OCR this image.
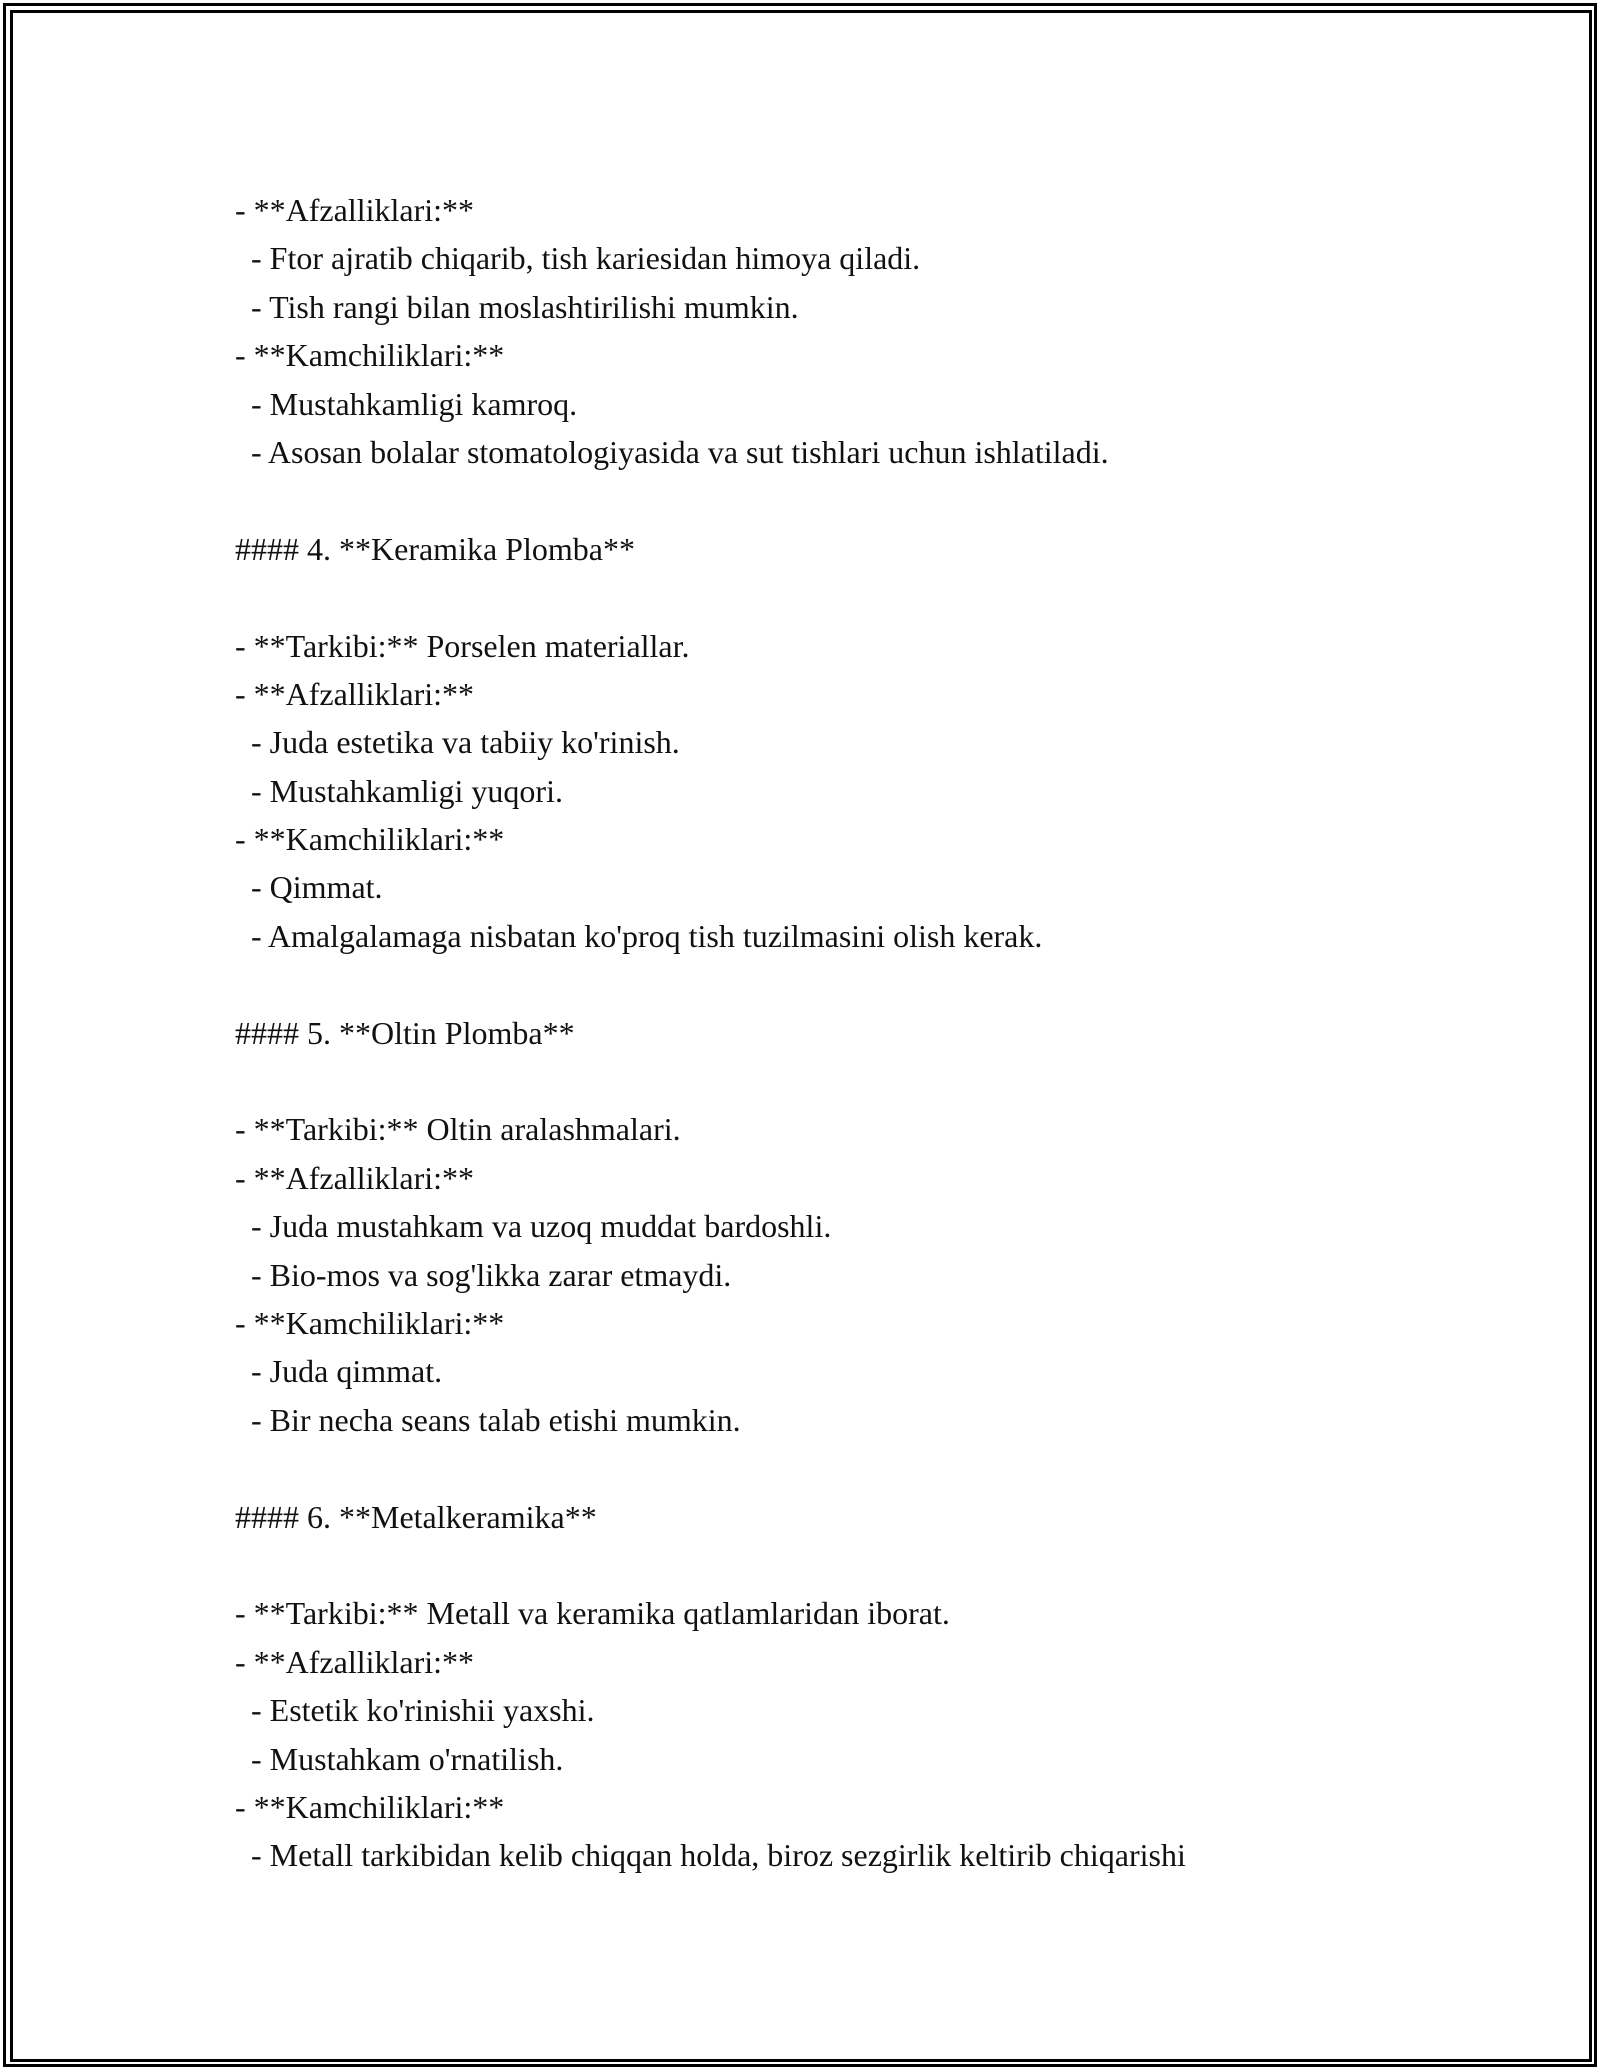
- **Afzalliklari:**
- Ftor ajratib chiqarib, tish kariesidan himoya qiladi.
- Tish rangi bilan moslashtirilishi mumkin.
- **Kamchiliklari:**
- Mustahkamligi kamroq.
- Asosan bolalar stomatologiyasida va sut tishlari uchun ishlatiladi.
#### 4. **Keramika Plomba**
- **Tarkibi:** Porselen materiallar.
- **Afzalliklari:**
- Juda estetika va tabiiy ko'rinish.
- Mustahkamligi yuqori.
- **Kamchiliklari:**
- Qimmat.
- Amalgalamaga nisbatan ko'proq tish tuzilmasini olish kerak.
#### 5. **Oltin Plomba**
- **Tarkibi:** Oltin aralashmalari.
- **Afzalliklari:**
- Juda mustahkam va uzoq muddat bardoshli.
- Bio-mos va sog'likka zarar etmaydi.
- **Kamchiliklari:**
- Juda qimmat.
- Bir necha seans talab etishi mumkin.
#### 6. **Metalkeramika**
- **Tarkibi:** Metall va keramika qatlamlaridan iborat.
- **Afzalliklari:**
- Estetik ko'rinishii yaxshi.
- Mustahkam o'rnatilish.
- **Kamchiliklari:**
- Metall tarkibidan kelib chiqqan holda, biroz sezgirlik keltirib chiqarishi
